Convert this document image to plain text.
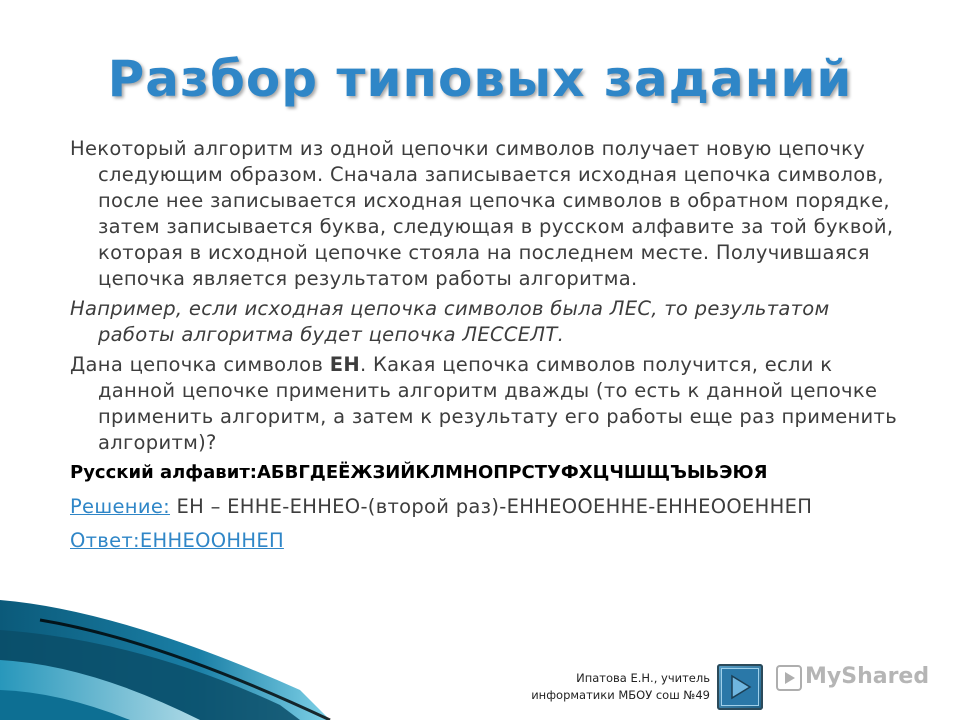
Разбор типовых заданий

Некоторый алгоритм из одной цепочки символов получает новую цепочку следующим образом. Сначала записывается исходная цепочка символов, после нее записывается исходная цепочка символов в обратном порядке, затем записывается буква, следующая в русском алфавите за той буквой, которая в исходной цепочке стояла на последнем месте. Получившаяся цепочка является результатом работы алгоритма.

Например, если исходная цепочка символов была ЛЕС, то результатом работы алгоритма будет цепочка ЛЕССЕЛТ.

Дана цепочка символов ЕН. Какая цепочка символов получится, если к данной цепочке применить алгоритм дважды (то есть к данной цепочке применить алгоритм, а затем к результату его работы еще раз применить алгоритм)?

Русский алфавит:АБВГДЕЁЖЗИЙКЛМНОПРСТУФХЦЧШЩЪЫЬЭЮЯ

Решение: ЕН – ЕННЕ-ЕННЕО-(второй раз)-ЕННЕООЕННЕ-ЕННЕООЕННЕП

Ответ:ЕННЕООННЕП

Ипатова Е.Н., учитель
информатики МБОУ сош №49
MyShared
